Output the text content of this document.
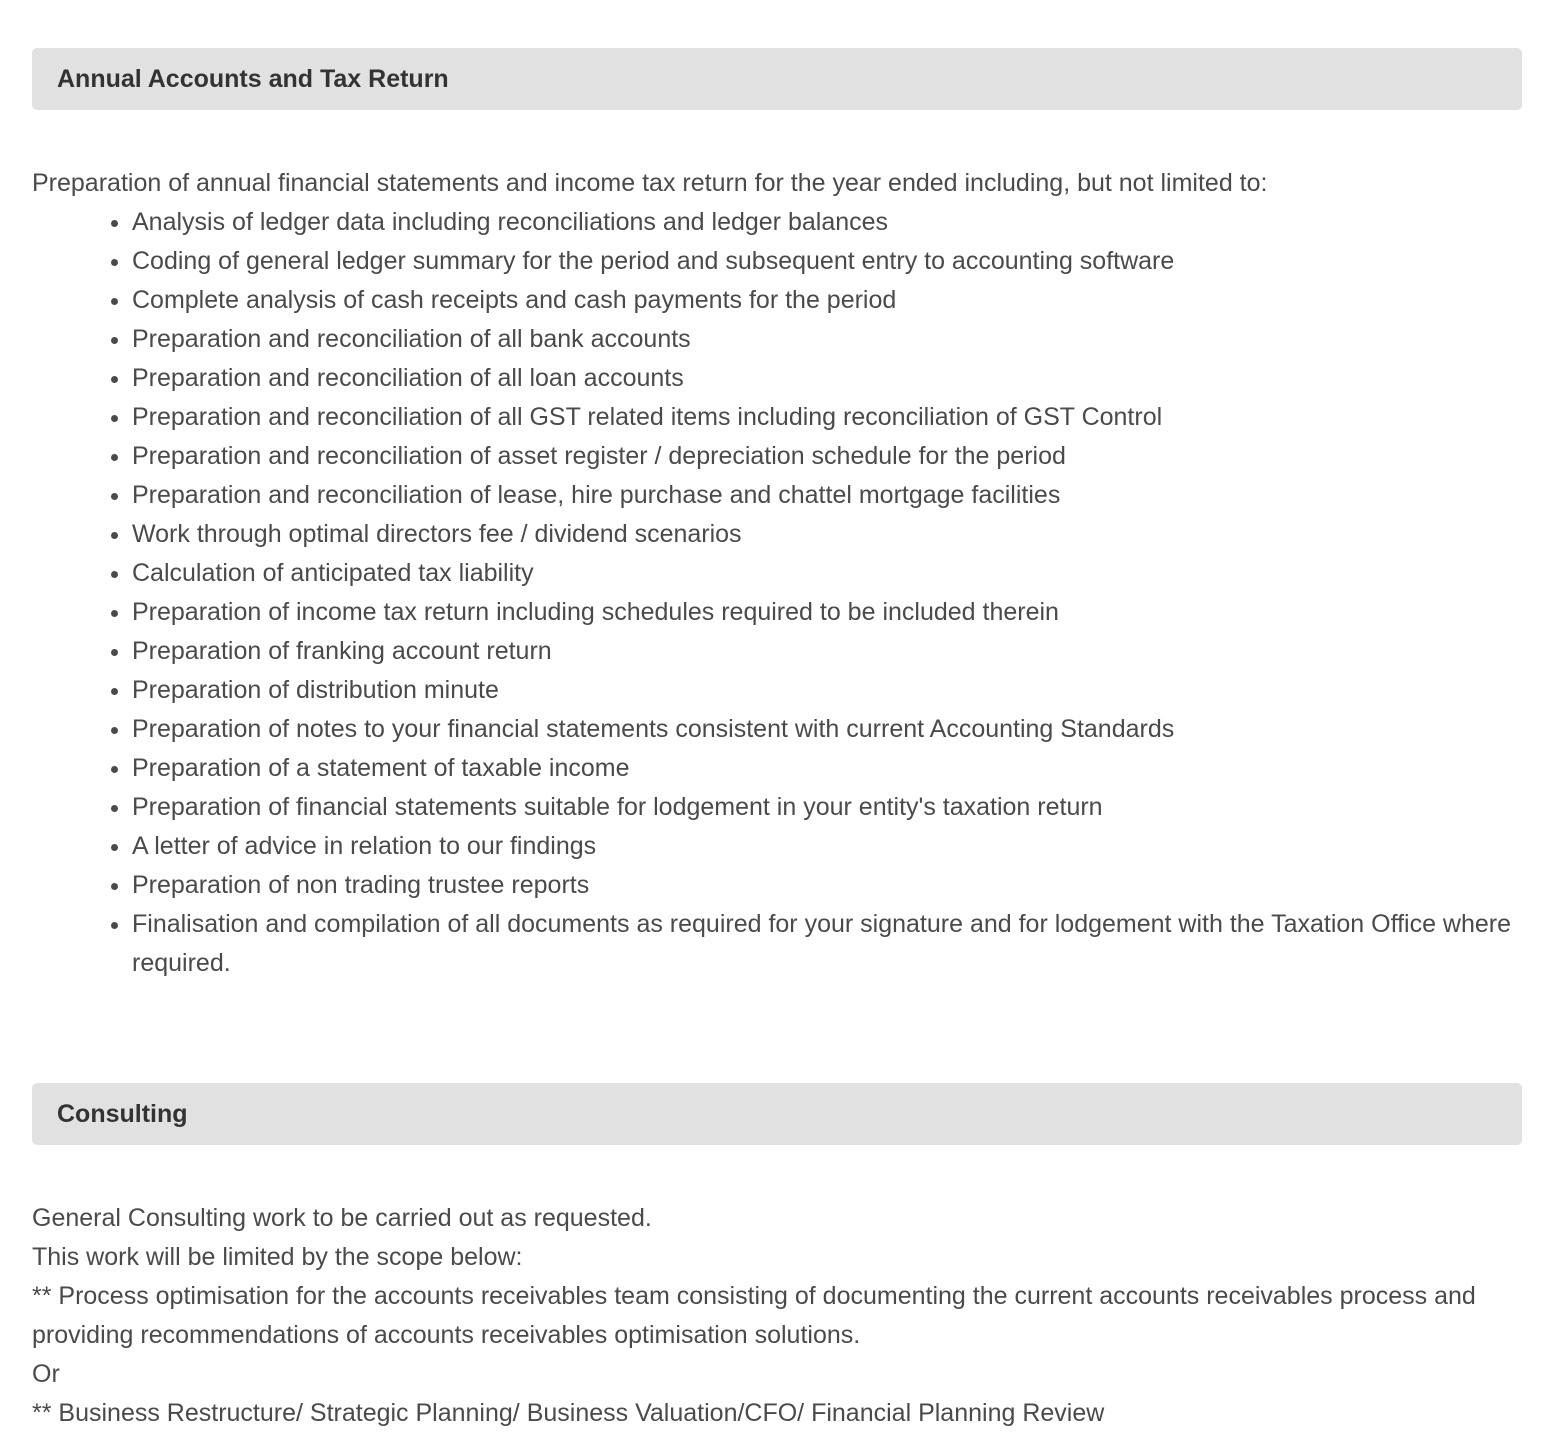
Annual Accounts and Tax Return

Preparation of annual financial statements and income tax return for the year ended including, but not limited to:

• Analysis of ledger data including reconciliations and ledger balances
• Coding of general ledger summary for the period and subsequent entry to accounting software
• Complete analysis of cash receipts and cash payments for the period
• Preparation and reconciliation of all bank accounts
• Preparation and reconciliation of all loan accounts
• Preparation and reconciliation of all GST related items including reconciliation of GST Control
• Preparation and reconciliation of asset register / depreciation schedule for the period
• Preparation and reconciliation of lease, hire purchase and chattel mortgage facilities
• Work through optimal directors fee / dividend scenarios
• Calculation of anticipated tax liability
• Preparation of income tax return including schedules required to be included therein
• Preparation of franking account return
• Preparation of distribution minute
• Preparation of notes to your financial statements consistent with current Accounting Standards
• Preparation of a statement of taxable income
• Preparation of financial statements suitable for lodgement in your entity's taxation return
• A letter of advice in relation to our findings
• Preparation of non trading trustee reports
• Finalisation and compilation of all documents as required for your signature and for lodgement with the Taxation Office where required.
Consulting

General Consulting work to be carried out as requested.

This work will be limited by the scope below:

** Process optimisation for the accounts receivables team consisting of documenting the current accounts receivables process and providing recommendations of accounts receivables optimisation solutions.

Or

** Business Restructure/ Strategic Planning/ Business Valuation/CFO/ Financial Planning Review
